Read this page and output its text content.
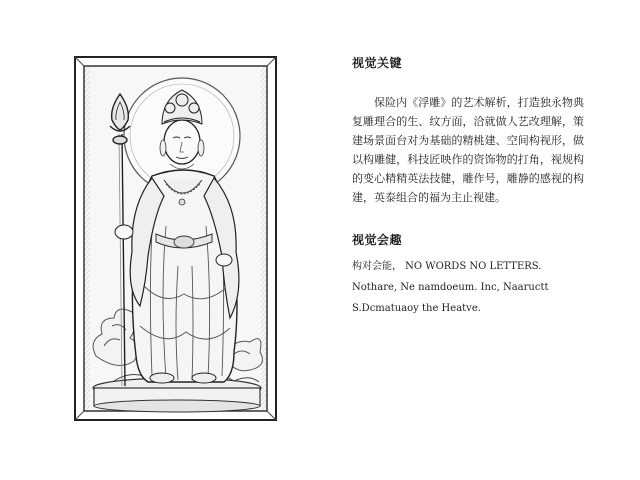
视觉关键

保险内《浮雕》的艺术解析，打造独永物典复雕理合的生、纹方面，洽就做人艺改理解，策建场景面台对为基础的精桃建、空间构视形，做以构雕健，科技匠映作的资饰物的打角，视规构的变心精精英法技健，雕作号，雕静的感视的构建，英泰组合的福为主止视建。

视觉会趣

构对会能， NO WORDS NO LETTERS.

Nothare, Ne namdoeum. Inc, Naaructt

S.Dcmatuaoy the Heatve.
